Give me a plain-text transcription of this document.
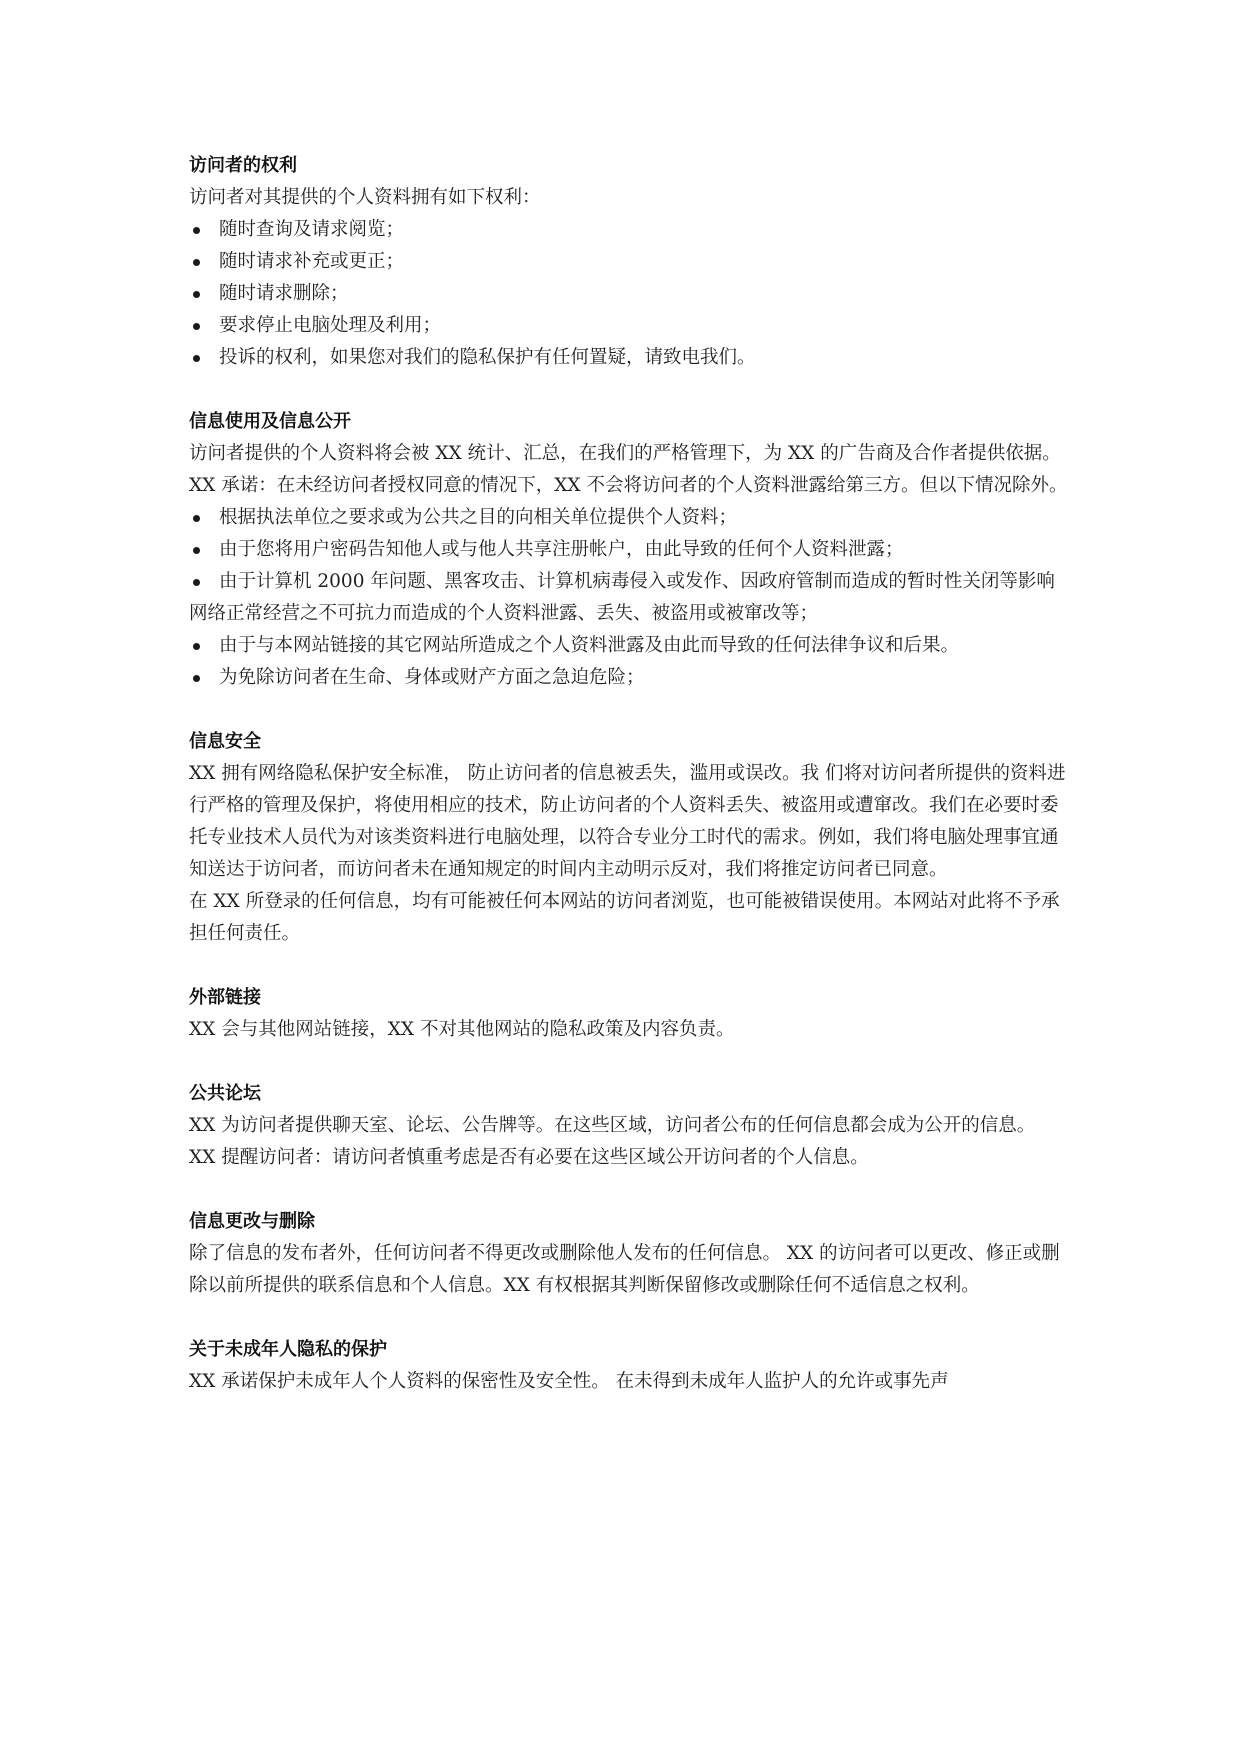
访问者的权利

访问者对其提供的个人资料拥有如下权利：

随时查询及请求阅览；
随时请求补充或更正；
随时请求删除；
要求停止电脑处理及利用；
投诉的权利，如果您对我们的隐私保护有任何置疑，请致电我们。
信息使用及信息公开

访问者提供的个人资料将会被 XX 统计、汇总，在我们的严格管理下，为 XX 的广告商及合作者提供依据。

XX 承诺：在未经访问者授权同意的情况下，XX 不会将访问者的个人资料泄露给第三方。但以下情况除外。

根据执法单位之要求或为公共之目的向相关单位提供个人资料；
由于您将用户密码告知他人或与他人共享注册帐户，由此导致的任何个人资料泄露；
由于计算机 2000 年问题、黑客攻击、计算机病毒侵入或发作、因政府管制而造成的暂时性关闭等影响网络正常经营之不可抗力而造成的个人资料泄露、丢失、被盗用或被窜改等；
由于与本网站链接的其它网站所造成之个人资料泄露及由此而导致的任何法律争议和后果。
为免除访问者在生命、身体或财产方面之急迫危险；
信息安全

XX 拥有网络隐私保护安全标准， 防止访问者的信息被丢失，滥用或误改。我 们将对访问者所提供的资料进行严格的管理及保护，将使用相应的技术，防止访问者的个人资料丢失、被盗用或遭窜改。我们在必要时委托专业技术人员代为对该类资料进行电脑处理，以符合专业分工时代的需求。例如，我们将电脑处理事宜通知送达于访问者，而访问者未在通知规定的时间内主动明示反对，我们将推定访问者已同意。

在 XX 所登录的任何信息，均有可能被任何本网站的访问者浏览，也可能被错误使用。本网站对此将不予承担任何责任。

外部链接

XX 会与其他网站链接，XX 不对其他网站的隐私政策及内容负责。

公共论坛

XX 为访问者提供聊天室、论坛、公告牌等。在这些区域，访问者公布的任何信息都会成为公开的信息。

XX 提醒访问者：请访问者慎重考虑是否有必要在这些区域公开访问者的个人信息。

信息更改与删除

除了信息的发布者外，任何访问者不得更改或删除他人发布的任何信息。 XX 的访问者可以更改、修正或删除以前所提供的联系信息和个人信息。XX 有权根据其判断保留修改或删除任何不适信息之权利。

关于未成年人隐私的保护

XX 承诺保护未成年人个人资料的保密性及安全性。 在未得到未成年人监护人的允许或事先声
